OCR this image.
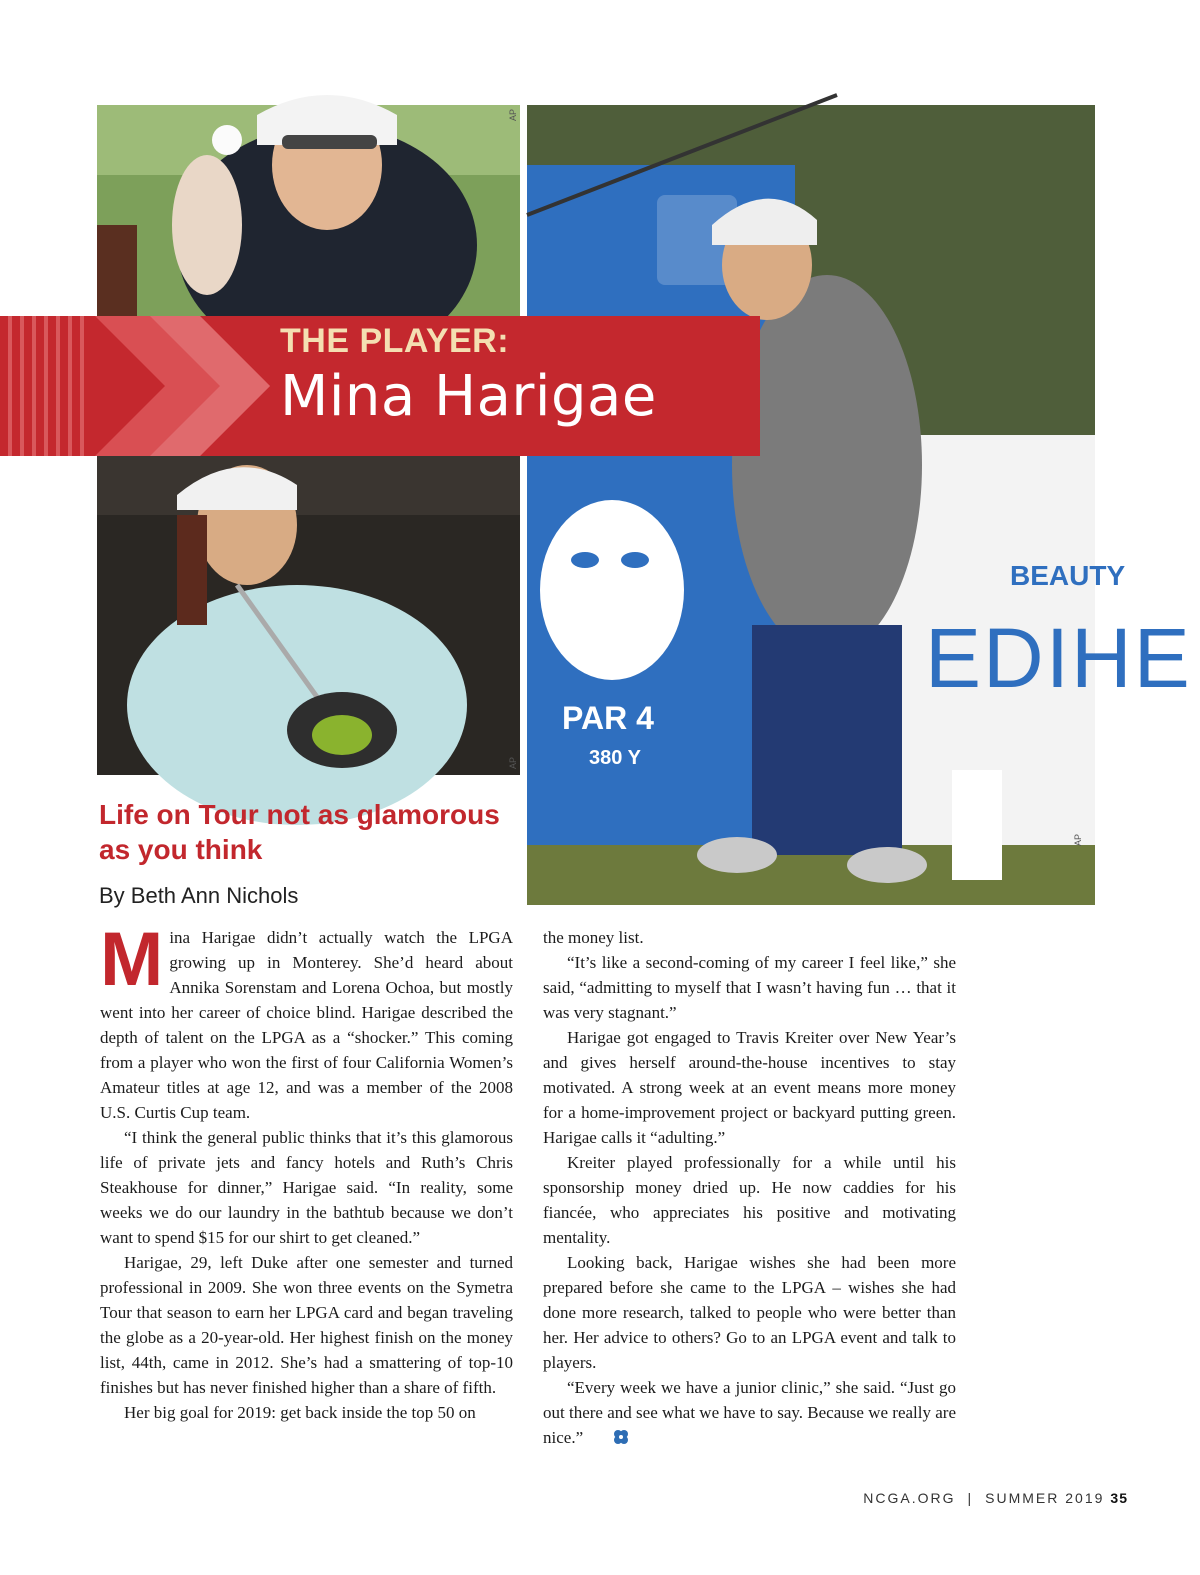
AP
AP
PAR 4
380 Y
BEAUTY
EDIHE
AP
THE PLAYER:
Mina Harigae
Life on Tour not as glamorous as you think
By Beth Ann Nichols

Mina Harigae didn’t actually watch the LPGA growing up in Monterey. She’d heard about Annika Sorenstam and Lorena Ochoa, but mostly went into her career of choice blind. Harigae described the depth of talent on the LPGA as a “shocker.” This coming from a player who won the first of four California Women’s Amateur titles at age 12, and was a member of the 2008 U.S. Curtis Cup team.

“I think the general public thinks that it’s this glamorous life of private jets and fancy hotels and Ruth’s Chris Steakhouse for dinner,” Harigae said. “In reality, some weeks we do our laundry in the bathtub because we don’t want to spend $15 for our shirt to get cleaned.”

Harigae, 29, left Duke after one semester and turned professional in 2009. She won three events on the Symetra Tour that season to earn her LPGA card and began traveling the globe as a 20-year-old. Her highest finish on the money list, 44th, came in 2012. She’s had a smattering of top-10 finishes but has never finished higher than a share of fifth.

Her big goal for 2019: get back inside the top 50 on

the money list.

“It’s like a second-coming of my career I feel like,” she said, “admitting to myself that I wasn’t having fun … that it was very stagnant.”

Harigae got engaged to Travis Kreiter over New Year’s and gives herself around-the-house incentives to stay motivated. A strong week at an event means more money for a home-improvement project or backyard putting green. Harigae calls it “adulting.”

Kreiter played professionally for a while until his sponsorship money dried up. He now caddies for his fiancée, who appreciates his positive and motivating mentality.

Looking back, Harigae wishes she had been more prepared before she came to the LPGA – wishes she had done more research, talked to people who were better than her. Her advice to others? Go to an LPGA event and talk to players.

“Every week we have a junior clinic,” she said. “Just go out there and see what we have to say. Because we really are nice.”

NCGA.ORG | SUMMER 2019 35
